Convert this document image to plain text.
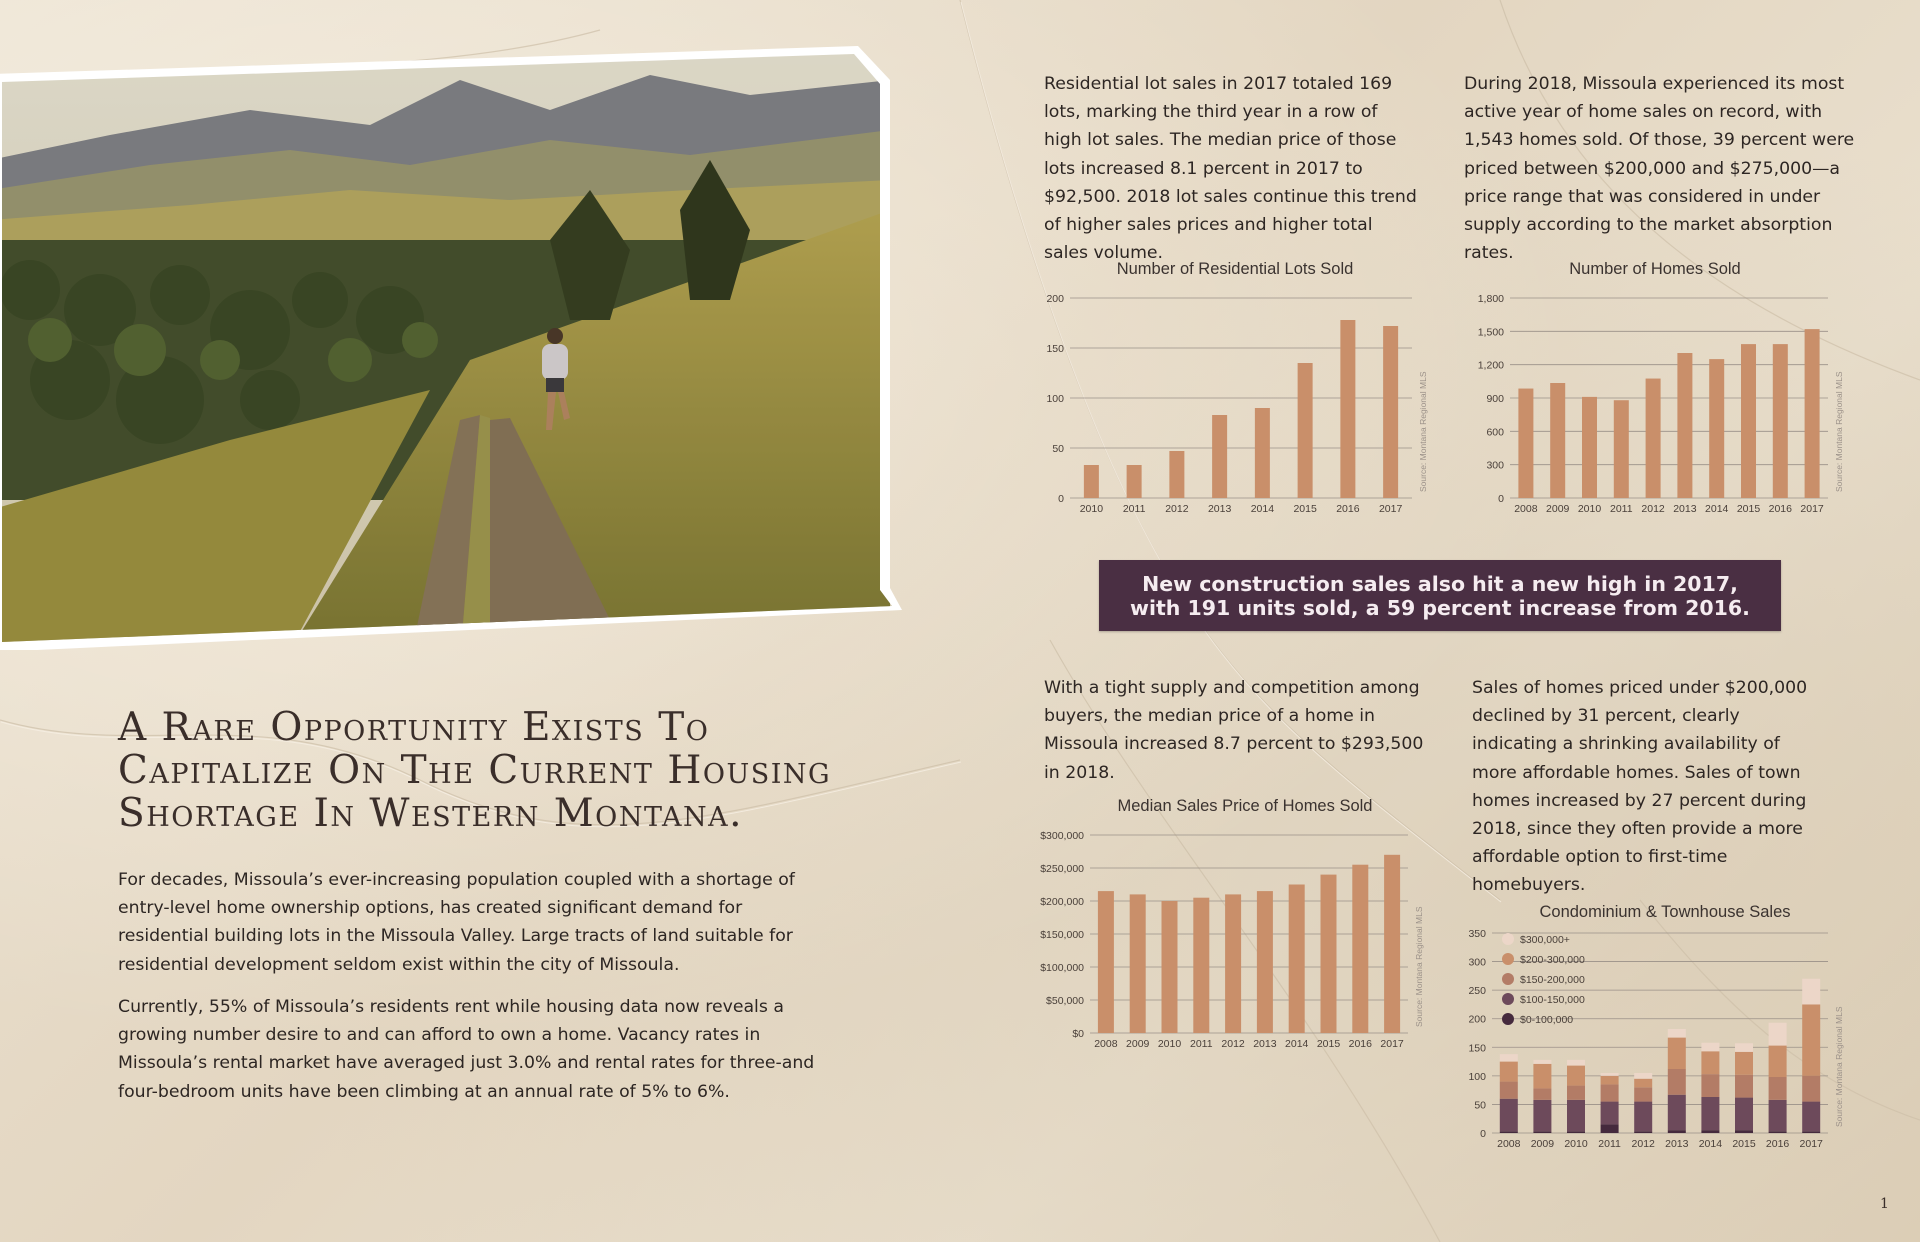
A Rare Opportunity Exists To Capitalize On The Current Housing Shortage In Western Montana.
For decades, Missoula’s ever-increasing population coupled with a shortage of entry-level home ownership options, has created significant demand for residential building lots in the Missoula Valley. Large tracts of land suitable for residential development seldom exist within the city of Missoula.
Currently, 55% of Missoula’s residents rent while housing data now reveals a growing number desire to and can afford to own a home. Vacancy rates in Missoula’s rental market have averaged just 3.0% and rental rates for three-and four-bedroom units have been climbing at an annual rate of 5% to 6%.
Residential lot sales in 2017 totaled 169 lots, marking the third year in a row of high lot sales. The median price of those lots increased 8.1 percent in 2017 to $92,500. 2018 lot sales continue this trend of higher sales prices and higher total sales volume.
During 2018, Missoula experienced its most active year of home sales on record, with 1,543 homes sold. Of those, 39 percent were priced between $200,000 and $275,000—a price range that was considered in under supply according to the market absorption rates.
With a tight supply and competition among buyers, the median price of a home in Missoula increased 8.7 percent to $293,500 in 2018.
Sales of homes priced under $200,000 declined by 31 percent, clearly indicating a shrinking availability of more affordable homes. Sales of town homes increased by 27 percent during 2018, since they often provide a more affordable option to first-time homebuyers.
New construction sales also hit a new high in 2017,
with 191 units sold, a 59 percent increase from 2016.
Number of Residential Lots Sold	Number of Homes Sold
Median Sales Price of Homes Sold
Condominium & Townhouse Sales
0
50
100
150
200
2010 2011 2012 2013 2014 2015 2016 2017
Source: Montana Regional MLS
0
300
600
900
1,200
1,500
1,800
2008 2009 2010 2011 2012 2013 2014 2015 2016 2017
Source: Montana Regional MLS
$0
$50,000
$100,000
$150,000
$200,000
$250,000
$300,000
2008 2009 2010 2011 2012 2013 2014 2015 2016 2017
Source: Montana Regional MLS
0
50
100
150
200
250
300
350
2008 2009 2010 2011 2012 2013 2014 2015 2016 2017
Source: Montana Regional MLS
$300,000+
$200-300,000
$150-200,000
$100-150,000
$0-100,000
1
